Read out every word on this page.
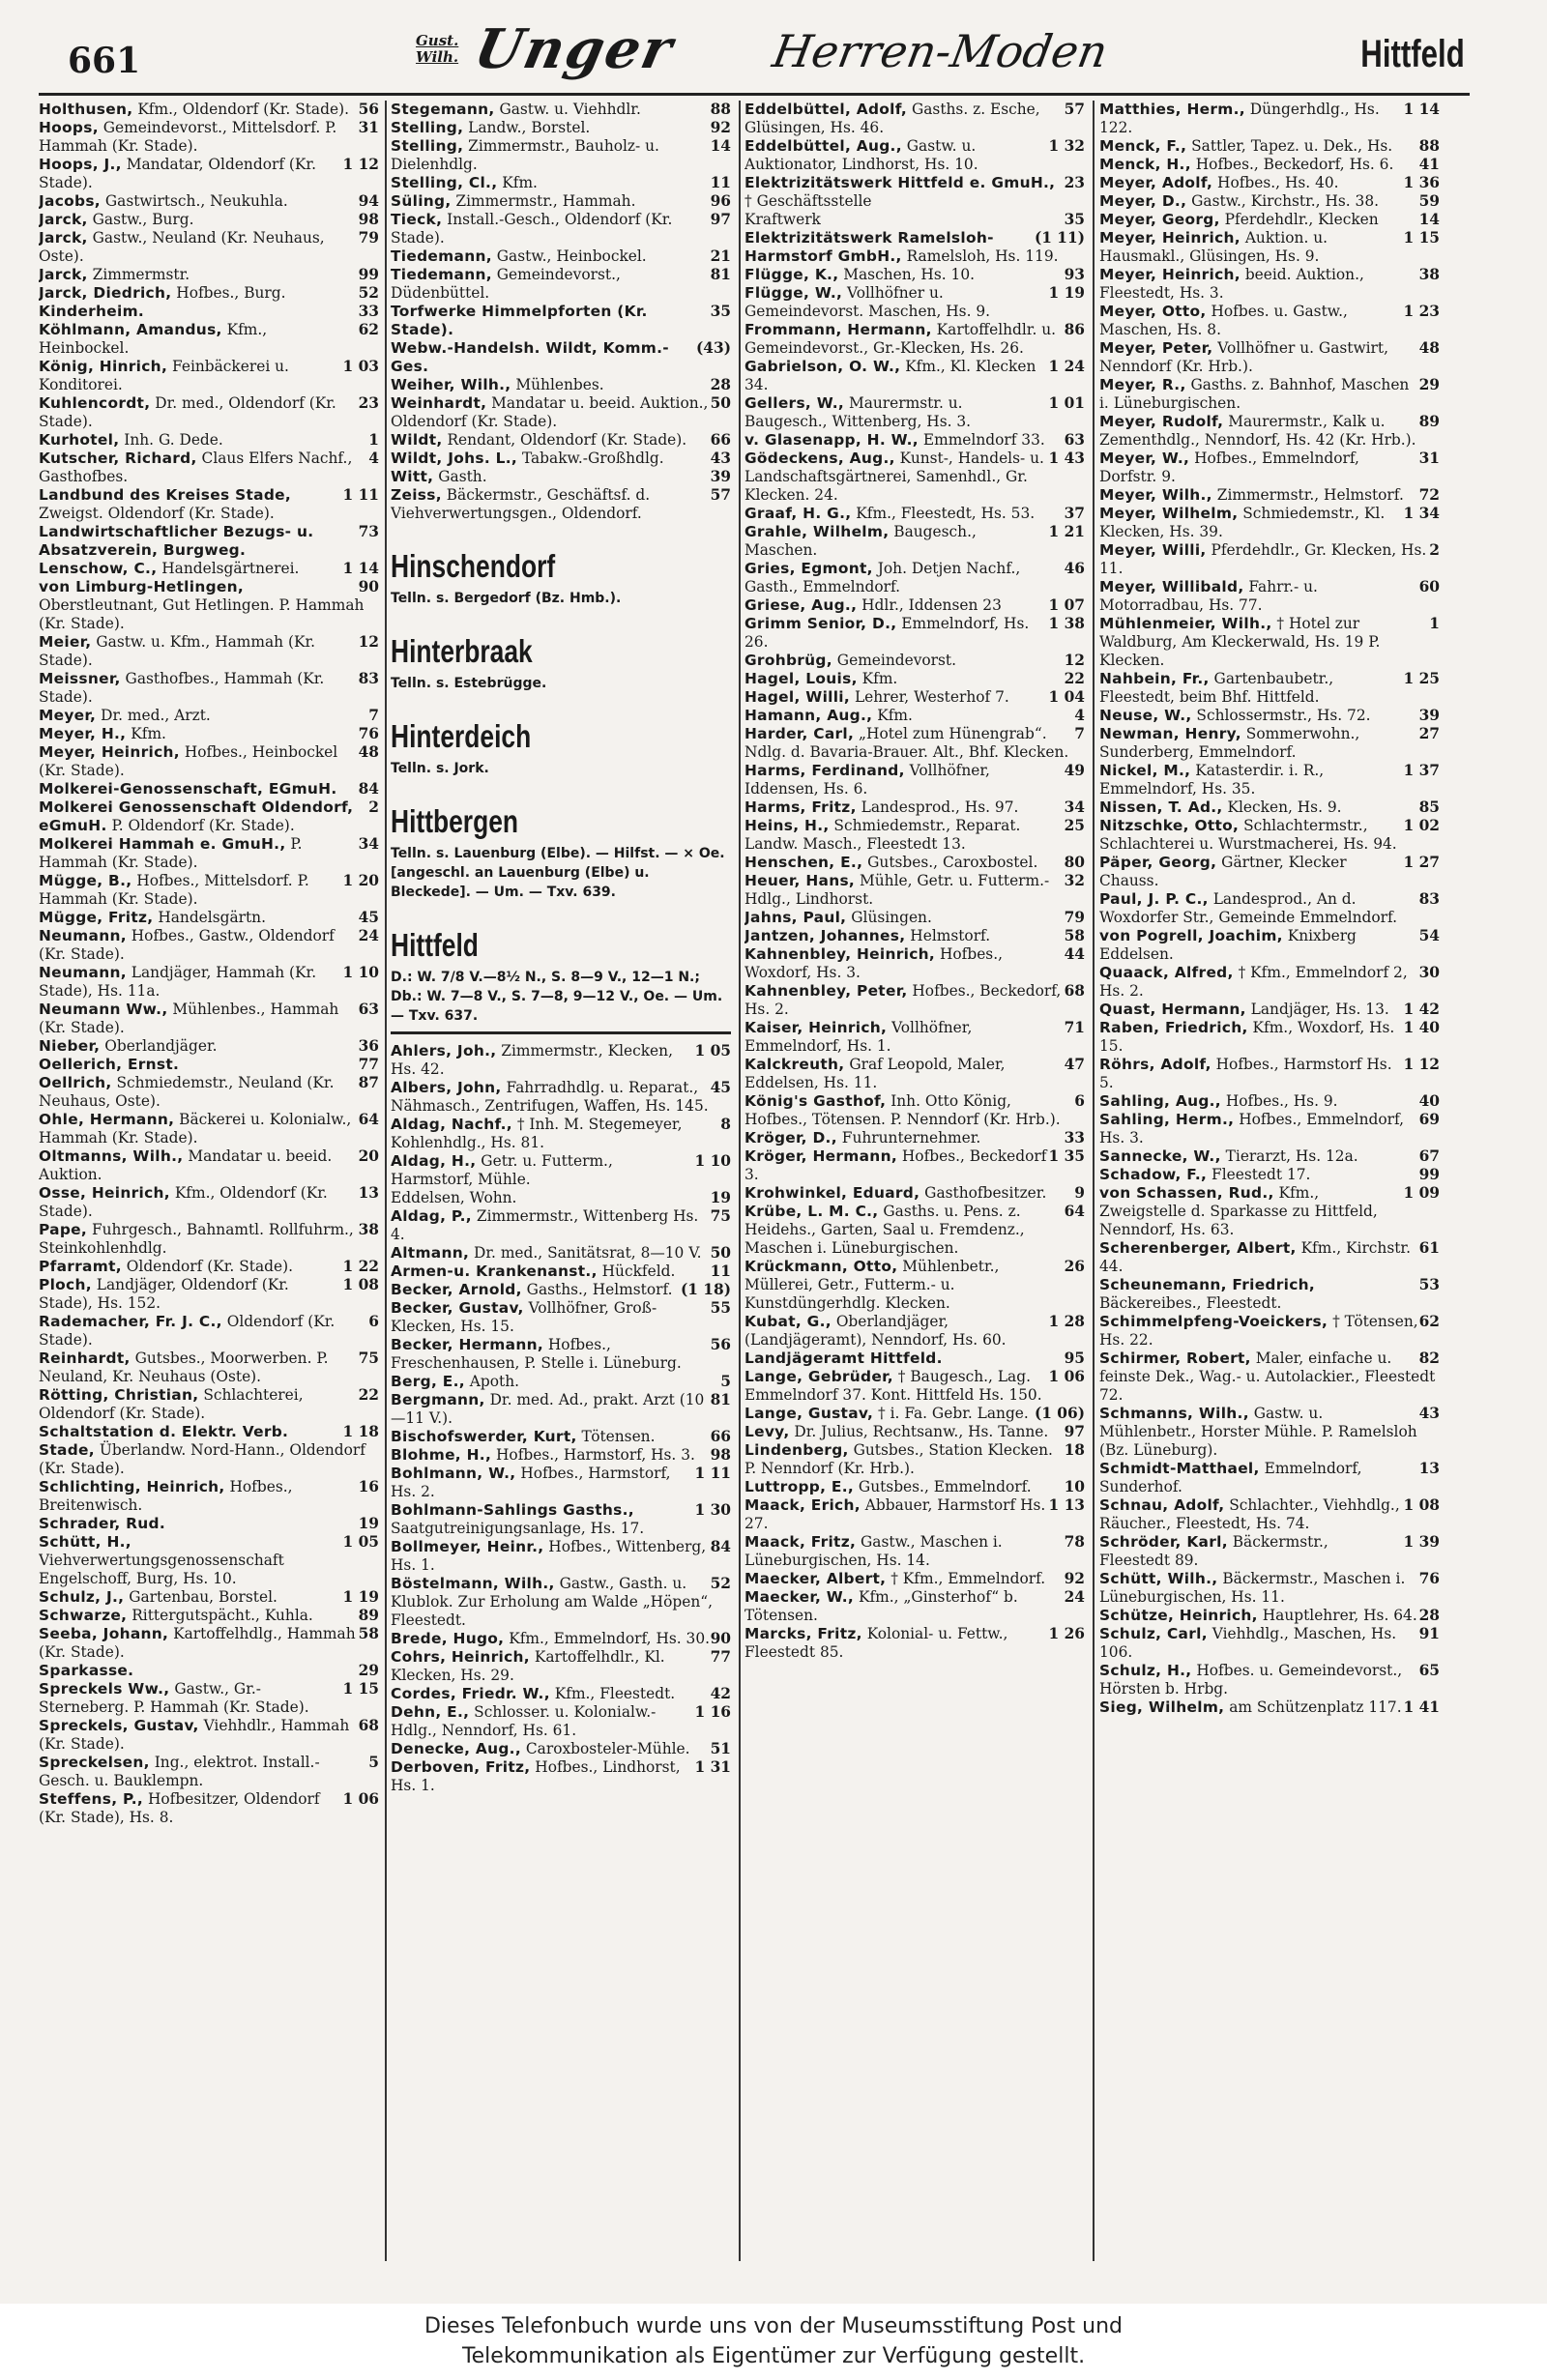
661	Gust. Wilh. Unger Herren-Moden	Hittfeld
56
Holthusen, Kfm., Oldendorf (Kr. Stade).
31
Hoops, Gemeindevorst., Mittelsdorf. P. Hammah (Kr. Stade).
1 12
Hoops, J., Mandatar, Oldendorf (Kr. Stade).
94
Jacobs, Gastwirtsch., Neukuhla.
98
Jarck, Gastw., Burg.
79
Jarck, Gastw., Neuland (Kr. Neuhaus, Oste).
99
Jarck, Zimmermstr.
52
Jarck, Diedrich, Hofbes., Burg.
33
Kinderheim.
62
Köhlmann, Amandus, Kfm., Heinbockel.
1 03
König, Hinrich, Feinbäckerei u. Konditorei.
23
Kuhlencordt, Dr. med., Oldendorf (Kr. Stade).
1
Kurhotel, Inh. G. Dede.
4
Kutscher, Richard, Claus Elfers Nachf., Gasthofbes.
1 11
Landbund des Kreises Stade, Zweigst. Oldendorf (Kr. Stade).
73
Landwirtschaftlicher Bezugs- u. Absatzverein, Burgweg.
1 14
Lenschow, C., Handelsgärtnerei.
90
von Limburg-Hetlingen, Oberstleutnant, Gut Hetlingen. P. Hammah (Kr. Stade).
12
Meier, Gastw. u. Kfm., Hammah (Kr. Stade).
83
Meissner, Gasthofbes., Hammah (Kr. Stade).
7
Meyer, Dr. med., Arzt.
76
Meyer, H., Kfm.
48
Meyer, Heinrich, Hofbes., Heinbockel (Kr. Stade).
84
Molkerei-Genossenschaft, EGmuH.
2
Molkerei Genossenschaft Oldendorf, eGmuH. P. Oldendorf (Kr. Stade).
34
Molkerei Hammah e. GmuH., P. Hammah (Kr. Stade).
1 20
Mügge, B., Hofbes., Mittelsdorf. P. Hammah (Kr. Stade).
45
Mügge, Fritz, Handelsgärtn.
24
Neumann, Hofbes., Gastw., Oldendorf (Kr. Stade).
1 10
Neumann, Landjäger, Hammah (Kr. Stade), Hs. 11a.
63
Neumann Ww., Mühlenbes., Hammah (Kr. Stade).
36
Nieber, Oberlandjäger.
77
Oellerich, Ernst.
87
Oellrich, Schmiedemstr., Neuland (Kr. Neuhaus, Oste).
64
Ohle, Hermann, Bäckerei u. Kolonialw., Hammah (Kr. Stade).
20
Oltmanns, Wilh., Mandatar u. beeid. Auktion.
13
Osse, Heinrich, Kfm., Oldendorf (Kr. Stade).
38
Pape, Fuhrgesch., Bahnamtl. Rollfuhrm., Steinkohlenhdlg.
1 22
Pfarramt, Oldendorf (Kr. Stade).
1 08
Ploch, Landjäger, Oldendorf (Kr. Stade), Hs. 152.
6
Rademacher, Fr. J. C., Oldendorf (Kr. Stade).
75
Reinhardt, Gutsbes., Moorwerben. P. Neuland, Kr. Neuhaus (Oste).
22
Rötting, Christian, Schlachterei, Oldendorf (Kr. Stade).
1 18
Schaltstation d. Elektr. Verb. Stade, Überlandw. Nord-Hann., Oldendorf (Kr. Stade).
16
Schlichting, Heinrich, Hofbes., Breitenwisch.
19
Schrader, Rud.
1 05
Schütt, H., Viehverwertungsgenossenschaft Engelschoff, Burg, Hs. 10.
1 19
Schulz, J., Gartenbau, Borstel.
89
Schwarze, Rittergutspächt., Kuhla.
58
Seeba, Johann, Kartoffelhdlg., Hammah (Kr. Stade).
29
Sparkasse.
1 15
Spreckels Ww., Gastw., Gr.-Sterneberg. P. Hammah (Kr. Stade).
68
Spreckels, Gustav, Viehhdlr., Hammah (Kr. Stade).
5
Spreckelsen, Ing., elektrot. Install.-Gesch. u. Bauklempn.
1 06
Steffens, P., Hofbesitzer, Oldendorf (Kr. Stade), Hs. 8.
88
Stegemann, Gastw. u. Viehhdlr.
92
Stelling, Landw., Borstel.
14
Stelling, Zimmermstr., Bauholz- u. Dielenhdlg.
11
Stelling, Cl., Kfm.
96
Süling, Zimmermstr., Hammah.
97
Tieck, Install.-Gesch., Oldendorf (Kr. Stade).
21
Tiedemann, Gastw., Heinbockel.
81
Tiedemann, Gemeindevorst., Düdenbüttel.
35
Torfwerke Himmelpforten (Kr. Stade).
(43)
Webw.-Handelsh. Wildt, Komm.-Ges.
28
Weiher, Wilh., Mühlenbes.
50
Weinhardt, Mandatar u. beeid. Auktion., Oldendorf (Kr. Stade).
66
Wildt, Rendant, Oldendorf (Kr. Stade).
43
Wildt, Johs. L., Tabakw.-Großhdlg.
39
Witt, Gasth.
57
Zeiss, Bäckermstr., Geschäftsf. d. Viehverwertungsgen., Oldendorf.
Hinschendorf
Telln. s. Bergedorf (Bz. Hmb.).
Hinterbraak
Telln. s. Estebrügge.
Hinterdeich
Telln. s. Jork.
Hittbergen
Telln. s. Lauenburg (Elbe). — Hilfst. — × Oe. [angeschl. an Lauenburg (Elbe) u. Bleckede]. — Um. — Txv. 639.
Hittfeld
D.: W. 7/8 V.—8½ N., S. 8—9 V., 12—1 N.; Db.: W. 7—8 V., S. 7—8, 9—12 V., Oe. — Um. — Txv. 637.
1 05
Ahlers, Joh., Zimmermstr., Klecken, Hs. 42.
45
Albers, John, Fahrradhdlg. u. Reparat., Nähmasch., Zentrifugen, Waffen, Hs. 145.
8
Aldag, Nachf., † Inh. M. Stegemeyer, Kohlenhdlg., Hs. 81.
1 10
Aldag, H., Getr. u. Futterm., Harmstorf, Mühle.
19
Eddelsen, Wohn.
75
Aldag, P., Zimmermstr., Wittenberg Hs. 4.
50
Altmann, Dr. med., Sanitätsrat, 8—10 V.
11
Armen-u. Krankenanst., Hückfeld.
(1 18)
Becker, Arnold, Gasths., Helmstorf.
55
Becker, Gustav, Vollhöfner, Groß-Klecken, Hs. 15.
56
Becker, Hermann, Hofbes., Freschenhausen, P. Stelle i. Lüneburg.
5
Berg, E., Apoth.
81
Bergmann, Dr. med. Ad., prakt. Arzt (10—11 V.).
66
Bischofswerder, Kurt, Tötensen.
98
Blohme, H., Hofbes., Harmstorf, Hs. 3.
1 11
Bohlmann, W., Hofbes., Harmstorf, Hs. 2.
1 30
Bohlmann-Sahlings Gasths., Saatgutreinigungsanlage, Hs. 17.
84
Bollmeyer, Heinr., Hofbes., Wittenberg, Hs. 1.
52
Böstelmann, Wilh., Gastw., Gasth. u. Klublok. Zur Erholung am Walde „Höpen“, Fleestedt.
90
Brede, Hugo, Kfm., Emmelndorf, Hs. 30.
77
Cohrs, Heinrich, Kartoffelhdlr., Kl. Klecken, Hs. 29.
42
Cordes, Friedr. W., Kfm., Fleestedt.
1 16
Dehn, E., Schlosser. u. Kolonialw.-Hdlg., Nenndorf, Hs. 61.
51
Denecke, Aug., Caroxbosteler-Mühle.
1 31
Derboven, Fritz, Hofbes., Lindhorst, Hs. 1.
57
Eddelbüttel, Adolf, Gasths. z. Esche, Glüsingen, Hs. 46.
1 32
Eddelbüttel, Aug., Gastw. u. Auktionator, Lindhorst, Hs. 10.
23
Elektrizitätswerk Hittfeld e. GmuH., † Geschäftsstelle
35
Kraftwerk
(1 11)
Elektrizitätswerk Ramelsloh-Harmstorf GmbH., Ramelsloh, Hs. 119.
93
Flügge, K., Maschen, Hs. 10.
1 19
Flügge, W., Vollhöfner u. Gemeindevorst. Maschen, Hs. 9.
86
Frommann, Hermann, Kartoffelhdlr. u. Gemeindevorst., Gr.-Klecken, Hs. 26.
1 24
Gabrielson, O. W., Kfm., Kl. Klecken 34.
1 01
Gellers, W., Maurermstr. u. Baugesch., Wittenberg, Hs. 3.
63
v. Glasenapp, H. W., Emmelndorf 33.
1 43
Gödeckens, Aug., Kunst-, Handels- u. Landschaftsgärtnerei, Samenhdl., Gr. Klecken. 24.
37
Graaf, H. G., Kfm., Fleestedt, Hs. 53.
1 21
Grahle, Wilhelm, Baugesch., Maschen.
46
Gries, Egmont, Joh. Detjen Nachf., Gasth., Emmelndorf.
1 07
Griese, Aug., Hdlr., Iddensen 23
1 38
Grimm Senior, D., Emmelndorf, Hs. 26.
12
Grohbrüg, Gemeindevorst.
22
Hagel, Louis, Kfm.
1 04
Hagel, Willi, Lehrer, Westerhof 7.
4
Hamann, Aug., Kfm.
7
Harder, Carl, „Hotel zum Hünengrab“. Ndlg. d. Bavaria-Brauer. Alt., Bhf. Klecken.
49
Harms, Ferdinand, Vollhöfner, Iddensen, Hs. 6.
34
Harms, Fritz, Landesprod., Hs. 97.
25
Heins, H., Schmiedemstr., Reparat. Landw. Masch., Fleestedt 13.
80
Henschen, E., Gutsbes., Caroxbostel.
32
Heuer, Hans, Mühle, Getr. u. Futterm.-Hdlg., Lindhorst.
79
Jahns, Paul, Glüsingen.
58
Jantzen, Johannes, Helmstorf.
44
Kahnenbley, Heinrich, Hofbes., Woxdorf, Hs. 3.
68
Kahnenbley, Peter, Hofbes., Beckedorf, Hs. 2.
71
Kaiser, Heinrich, Vollhöfner, Emmelndorf, Hs. 1.
47
Kalckreuth, Graf Leopold, Maler, Eddelsen, Hs. 11.
6
König's Gasthof, Inh. Otto König, Hofbes., Tötensen. P. Nenndorf (Kr. Hrb.).
33
Kröger, D., Fuhrunternehmer.
1 35
Kröger, Hermann, Hofbes., Beckedorf 3.
9
Krohwinkel, Eduard, Gasthofbesitzer.
64
Krübe, L. M. C., Gasths. u. Pens. z. Heidehs., Garten, Saal u. Fremdenz., Maschen i. Lüneburgischen.
26
Krückmann, Otto, Mühlenbetr., Müllerei, Getr., Futterm.- u. Kunstdüngerhdlg. Klecken.
1 28
Kubat, G., Oberlandjäger, (Landjägeramt), Nenndorf, Hs. 60.
95
Landjägeramt Hittfeld.
1 06
Lange, Gebrüder, † Baugesch., Lag. Emmelndorf 37. Kont. Hittfeld Hs. 150.
(1 06)
Lange, Gustav, † i. Fa. Gebr. Lange.
97
Levy, Dr. Julius, Rechtsanw., Hs. Tanne.
18
Lindenberg, Gutsbes., Station Klecken. P. Nenndorf (Kr. Hrb.).
10
Luttropp, E., Gutsbes., Emmelndorf.
1 13
Maack, Erich, Abbauer, Harmstorf Hs. 27.
78
Maack, Fritz, Gastw., Maschen i. Lüneburgischen, Hs. 14.
92
Maecker, Albert, † Kfm., Emmelndorf.
24
Maecker, W., Kfm., „Ginsterhof“ b. Tötensen.
1 26
Marcks, Fritz, Kolonial- u. Fettw., Fleestedt 85.
1 14
Matthies, Herm., Düngerhdlg., Hs. 122.
88
Menck, F., Sattler, Tapez. u. Dek., Hs.
41
Menck, H., Hofbes., Beckedorf, Hs. 6.
1 36
Meyer, Adolf, Hofbes., Hs. 40.
59
Meyer, D., Gastw., Kirchstr., Hs. 38.
14
Meyer, Georg, Pferdehdlr., Klecken
1 15
Meyer, Heinrich, Auktion. u. Hausmakl., Glüsingen, Hs. 9.
38
Meyer, Heinrich, beeid. Auktion., Fleestedt, Hs. 3.
1 23
Meyer, Otto, Hofbes. u. Gastw., Maschen, Hs. 8.
48
Meyer, Peter, Vollhöfner u. Gastwirt, Nenndorf (Kr. Hrb.).
29
Meyer, R., Gasths. z. Bahnhof, Maschen i. Lüneburgischen.
89
Meyer, Rudolf, Maurermstr., Kalk u. Zementhdlg., Nenndorf, Hs. 42 (Kr. Hrb.).
31
Meyer, W., Hofbes., Emmelndorf, Dorfstr. 9.
72
Meyer, Wilh., Zimmermstr., Helmstorf.
1 34
Meyer, Wilhelm, Schmiedemstr., Kl. Klecken, Hs. 39.
2
Meyer, Willi, Pferdehdlr., Gr. Klecken, Hs. 11.
60
Meyer, Willibald, Fahrr.- u. Motorradbau, Hs. 77.
1
Mühlenmeier, Wilh., † Hotel zur Waldburg, Am Kleckerwald, Hs. 19 P. Klecken.
1 25
Nahbein, Fr., Gartenbaubetr., Fleestedt, beim Bhf. Hittfeld.
39
Neuse, W., Schlossermstr., Hs. 72.
27
Newman, Henry, Sommerwohn., Sunderberg, Emmelndorf.
1 37
Nickel, M., Katasterdir. i. R., Emmelndorf, Hs. 35.
85
Nissen, T. Ad., Klecken, Hs. 9.
1 02
Nitzschke, Otto, Schlachtermstr., Schlachterei u. Wurstmacherei, Hs. 94.
1 27
Päper, Georg, Gärtner, Klecker Chauss.
83
Paul, J. P. C., Landesprod., An d. Woxdorfer Str., Gemeinde Emmelndorf.
54
von Pogrell, Joachim, Knixberg Eddelsen.
30
Quaack, Alfred, † Kfm., Emmelndorf 2, Hs. 2.
1 42
Quast, Hermann, Landjäger, Hs. 13.
1 40
Raben, Friedrich, Kfm., Woxdorf, Hs. 15.
1 12
Röhrs, Adolf, Hofbes., Harmstorf Hs. 5.
40
Sahling, Aug., Hofbes., Hs. 9.
69
Sahling, Herm., Hofbes., Emmelndorf, Hs. 3.
67
Sannecke, W., Tierarzt, Hs. 12a.
99
Schadow, F., Fleestedt 17.
1 09
von Schassen, Rud., Kfm., Zweigstelle d. Sparkasse zu Hittfeld, Nenndorf, Hs. 63.
61
Scherenberger, Albert, Kfm., Kirchstr. 44.
53
Scheunemann, Friedrich, Bäckereibes., Fleestedt.
62
Schimmelpfeng-Voeickers, † Tötensen, Hs. 22.
82
Schirmer, Robert, Maler, einfache u. feinste Dek., Wag.- u. Autolackier., Fleestedt 72.
43
Schmanns, Wilh., Gastw. u. Mühlenbetr., Horster Mühle. P. Ramelsloh (Bz. Lüneburg).
13
Schmidt-Matthael, Emmelndorf, Sunderhof.
1 08
Schnau, Adolf, Schlachter., Viehhdlg., Räucher., Fleestedt, Hs. 74.
1 39
Schröder, Karl, Bäckermstr., Fleestedt 89.
76
Schütt, Wilh., Bäckermstr., Maschen i. Lüneburgischen, Hs. 11.
28
Schütze, Heinrich, Hauptlehrer, Hs. 64.
91
Schulz, Carl, Viehhdlg., Maschen, Hs. 106.
65
Schulz, H., Hofbes. u. Gemeindevorst., Hörsten b. Hrbg.
1 41
Sieg, Wilhelm, am Schützenplatz 117.
Dieses Telefonbuch wurde uns von der Museumsstiftung Post und
Telekommunikation als Eigentümer zur Verfügung gestellt.
